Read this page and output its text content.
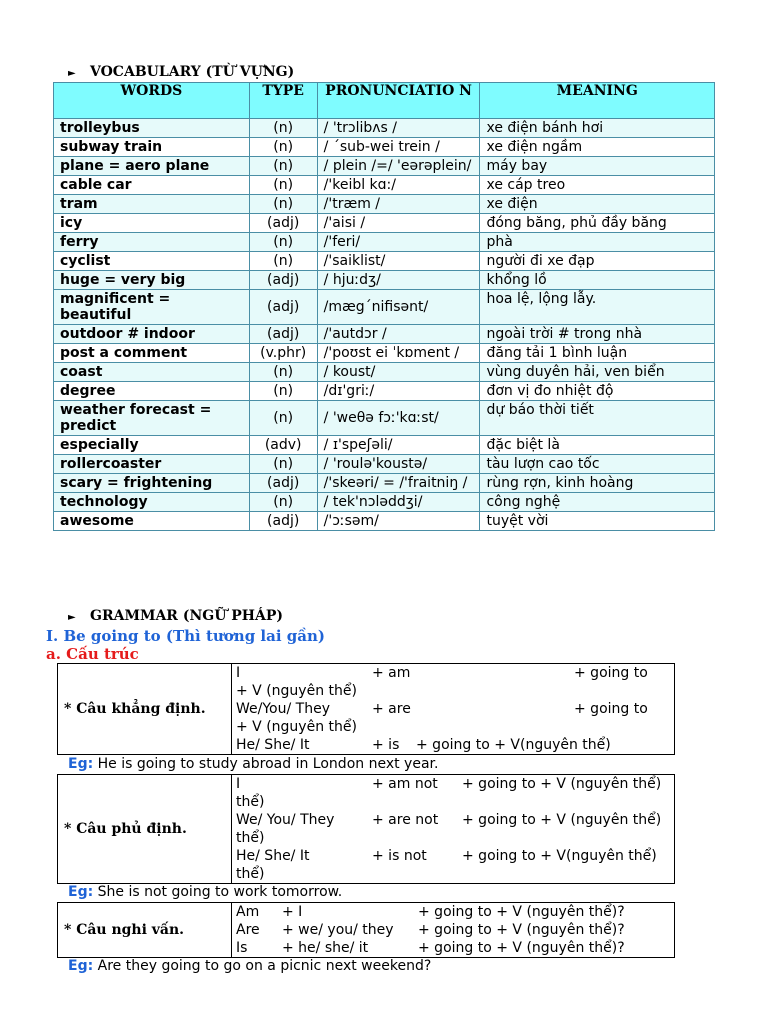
► VOCABULARY (TỪ VỰNG)
WORDS	TYPE	PRONUNCIATIO N	MEANING
trolleybus	(n)	/ 'trɔlibʌs /	xe điện bánh hơi
subway train	(n)	/ ˊsub-wei trein /	xe điện ngầm
plane = aero plane	(n)	/ plein /=/ 'eərəplein/	máy bay
cable car	(n)	/'keibl kɑ:/	xe cáp treo
tram	(n)	/'træm /	xe điện
icy	(adj)	/'aisi /	đóng băng, phủ đầy băng
ferry	(n)	/'feri/	phà
cyclist	(n)	/'saiklist/	người đi xe đạp
huge = very big	(adj)	/ hjuːdʒ/	khổng lồ
magnificent = beautiful	(adj)	/mægˊnifisənt/	hoa lệ, lộng lẫy.
outdoor # indoor	(adj)	/'autdɔr /	ngoài trời # trong nhà
post a comment	(v.phr)	/'poʊst ei ˈkɒment /	đăng tải 1 bình luận
coast	(n)	/ koust/	vùng duyên hải, ven biển
degree	(n)	/dɪ'griː/	đơn vị đo nhiệt độ
weather forecast = predict	(n)	/ 'weθə fɔː'kɑːst/	dự báo thời tiết
especially	(adv)	/ ɪ'speʃəli/	đặc biệt là
rollercoaster	(n)	/ 'roulə'koustə/	tàu lượn cao tốc
scary = frightening	(adj)	/'skeəri/ = /'fraitniŋ /	rùng rợn, kinh hoàng
technology	(n)	/ tek'nɔləddʒi/	công nghệ
awesome	(adj)	/'ɔːsəm/	tuyệt vời
► GRAMMAR (NGỮ PHÁP)
I. Be going to (Thì tương lai gần)
a. Cấu trúc
* Câu khẳng định.	
I	+ am	+ going to
+ V (nguyên thể)
We/You/ They	+ are	+ going to
+ V (nguyên thể)
He/ She/ It	+ is + going to + V(nguyên thể)
Eg: He is going to study abroad in London next year.
* Câu phủ định.	
I	+ am not + going to + V (nguyên thể)
thể)
We/ You/ They	+ are not + going to + V (nguyên thể)
thể)
He/ She/ It	+ is not	+ going to + V(nguyên thể)
thể)
Eg: She is not going to work tomorrow.
* Câu nghi vấn.	
Am + I	+ going to + V (nguyên thể)?
Are + we/ you/ they + going to + V (nguyên thể)?
Is + he/ she/ it	+ going to + V (nguyên thể)?
Eg: Are they going to go on a picnic next weekend?
